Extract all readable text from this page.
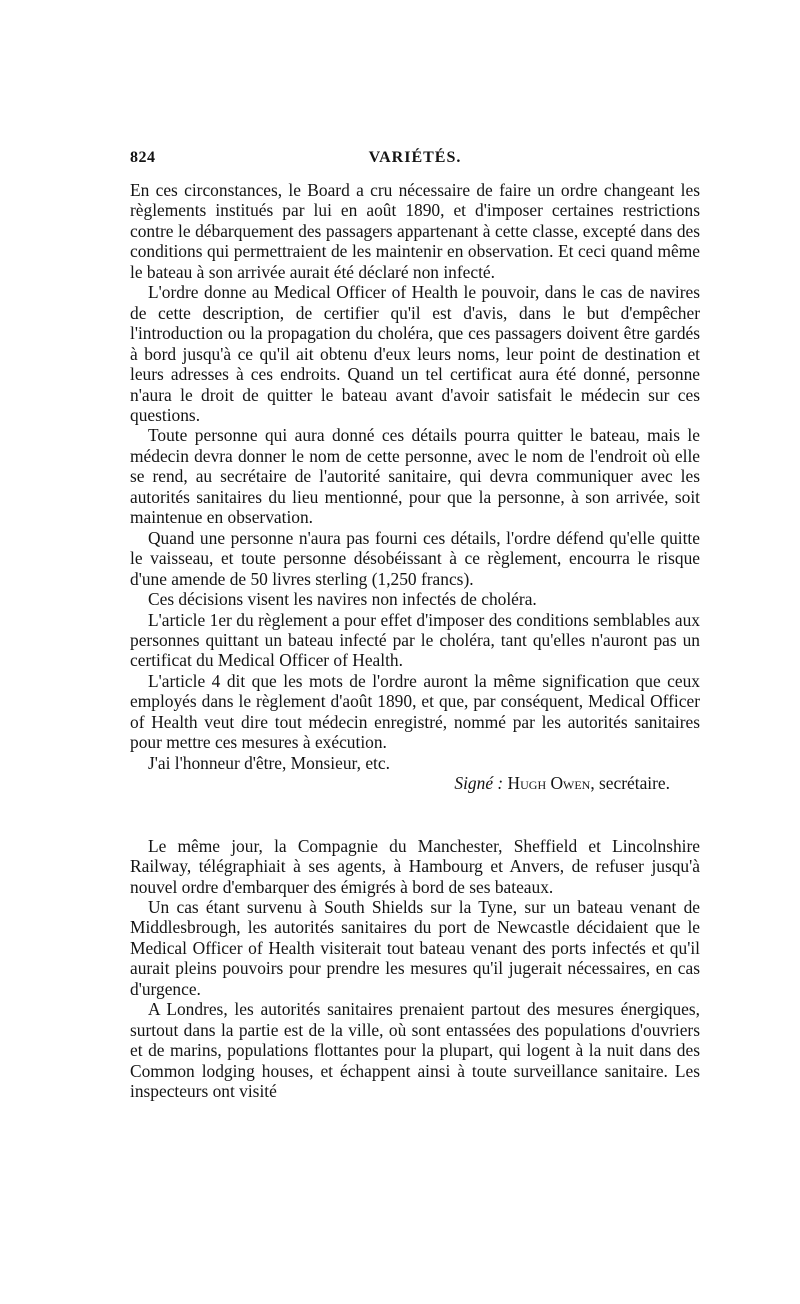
824	VARIÉTÉS.

En ces circonstances, le Board a cru nécessaire de faire un ordre changeant les règlements institués par lui en août 1890, et d'imposer certaines restrictions contre le débarquement des passagers appartenant à cette classe, excepté dans des conditions qui permettraient de les maintenir en observation. Et ceci quand même le bateau à son arrivée aurait été déclaré non infecté.

L'ordre donne au Medical Officer of Health le pouvoir, dans le cas de navires de cette description, de certifier qu'il est d'avis, dans le but d'empêcher l'introduction ou la propagation du choléra, que ces passagers doivent être gardés à bord jusqu'à ce qu'il ait obtenu d'eux leurs noms, leur point de destination et leurs adresses à ces endroits. Quand un tel certificat aura été donné, personne n'aura le droit de quitter le bateau avant d'avoir satisfait le médecin sur ces questions.

Toute personne qui aura donné ces détails pourra quitter le bateau, mais le médecin devra donner le nom de cette personne, avec le nom de l'endroit où elle se rend, au secrétaire de l'autorité sanitaire, qui devra communiquer avec les autorités sanitaires du lieu mentionné, pour que la personne, à son arrivée, soit maintenue en observation.

Quand une personne n'aura pas fourni ces détails, l'ordre défend qu'elle quitte le vaisseau, et toute personne désobéissant à ce règlement, encourra le risque d'une amende de 50 livres sterling (1,250 francs).

Ces décisions visent les navires non infectés de choléra.

L'article 1er du règlement a pour effet d'imposer des conditions semblables aux personnes quittant un bateau infecté par le choléra, tant qu'elles n'auront pas un certificat du Medical Officer of Health.

L'article 4 dit que les mots de l'ordre auront la même signification que ceux employés dans le règlement d'août 1890, et que, par conséquent, Medical Officer of Health veut dire tout médecin enregistré, nommé par les autorités sanitaires pour mettre ces mesures à exécution.

J'ai l'honneur d'être, Monsieur, etc.

Signé : Hugh Owen, secrétaire.

Le même jour, la Compagnie du Manchester, Sheffield et Lincolnshire Railway, télégraphiait à ses agents, à Hambourg et Anvers, de refuser jusqu'à nouvel ordre d'embarquer des émigrés à bord de ses bateaux.

Un cas étant survenu à South Shields sur la Tyne, sur un bateau venant de Middlesbrough, les autorités sanitaires du port de Newcastle décidaient que le Medical Officer of Health visiterait tout bateau venant des ports infectés et qu'il aurait pleins pouvoirs pour prendre les mesures qu'il jugerait nécessaires, en cas d'urgence.

A Londres, les autorités sanitaires prenaient partout des mesures énergiques, surtout dans la partie est de la ville, où sont entassées des populations d'ouvriers et de marins, populations flottantes pour la plupart, qui logent à la nuit dans des Common lodging houses, et échappent ainsi à toute surveillance sanitaire. Les inspecteurs ont visité
